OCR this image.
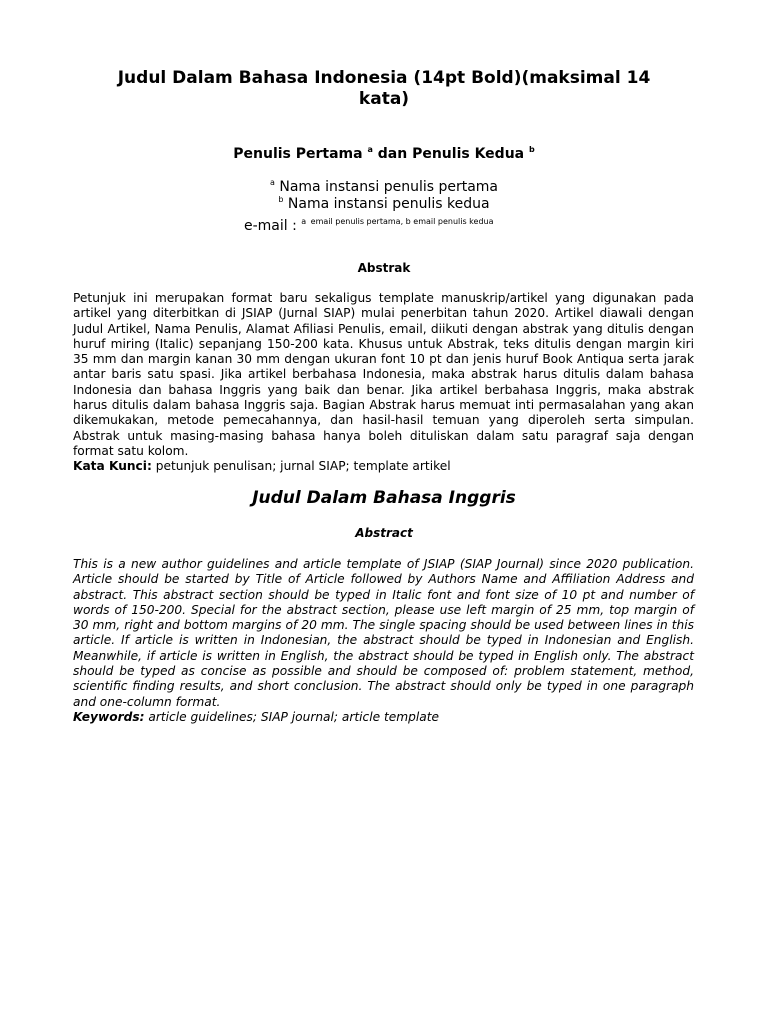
Judul Dalam Bahasa Indonesia (14pt Bold)(maksimal 14 kata)
Penulis Pertama $^a$ dan Penulis Kedua $^b$
$^a$ Nama instansi penulis pertama
$^b$ Nama instansi penulis kedua
e-mail : $^a$ $^{email penulis pertama, b email penulis kedua}$
Abstrak

Petunjuk ini merupakan format baru sekaligus template manuskrip/artikel yang digunakan pada artikel yang diterbitkan di JSIAP (Jurnal SIAP) mulai penerbitan tahun 2020. Artikel diawali dengan Judul Artikel, Nama Penulis, Alamat Afiliasi Penulis, email, diikuti dengan abstrak yang ditulis dengan huruf miring (Italic) sepanjang 150-200 kata. Khusus untuk Abstrak, teks ditulis dengan margin kiri 35 mm dan margin kanan 30 mm dengan ukuran font 10 pt dan jenis huruf Book Antiqua serta jarak antar baris satu spasi. Jika artikel berbahasa Indonesia, maka abstrak harus ditulis dalam bahasa Indonesia dan bahasa Inggris yang baik dan benar. Jika artikel berbahasa Inggris, maka abstrak harus ditulis dalam bahasa Inggris saja. Bagian Abstrak harus memuat inti permasalahan yang akan dikemukakan, metode pemecahannya, dan hasil-hasil temuan yang diperoleh serta simpulan. Abstrak untuk masing-masing bahasa hanya boleh dituliskan dalam satu paragraf saja dengan format satu kolom.

Kata Kunci: petunjuk penulisan; jurnal SIAP; template artikel
Judul Dalam Bahasa Inggris
Abstract

This is a new author guidelines and article template of JSIAP (SIAP Journal) since 2020 publication. Article should be started by Title of Article followed by Authors Name and Affiliation Address and abstract. This abstract section should be typed in Italic font and font size of 10 pt and number of words of 150-200. Special for the abstract section, please use left margin of 25 mm, top margin of 30 mm, right and bottom margins of 20 mm. The single spacing should be used between lines in this article. If article is written in Indonesian, the abstract should be typed in Indonesian and English. Meanwhile, if article is written in English, the abstract should be typed in English only. The abstract should be typed as concise as possible and should be composed of: problem statement, method, scientific finding results, and short conclusion. The abstract should only be typed in one paragraph and one-column format.

Keywords: article guidelines; SIAP journal; article template
